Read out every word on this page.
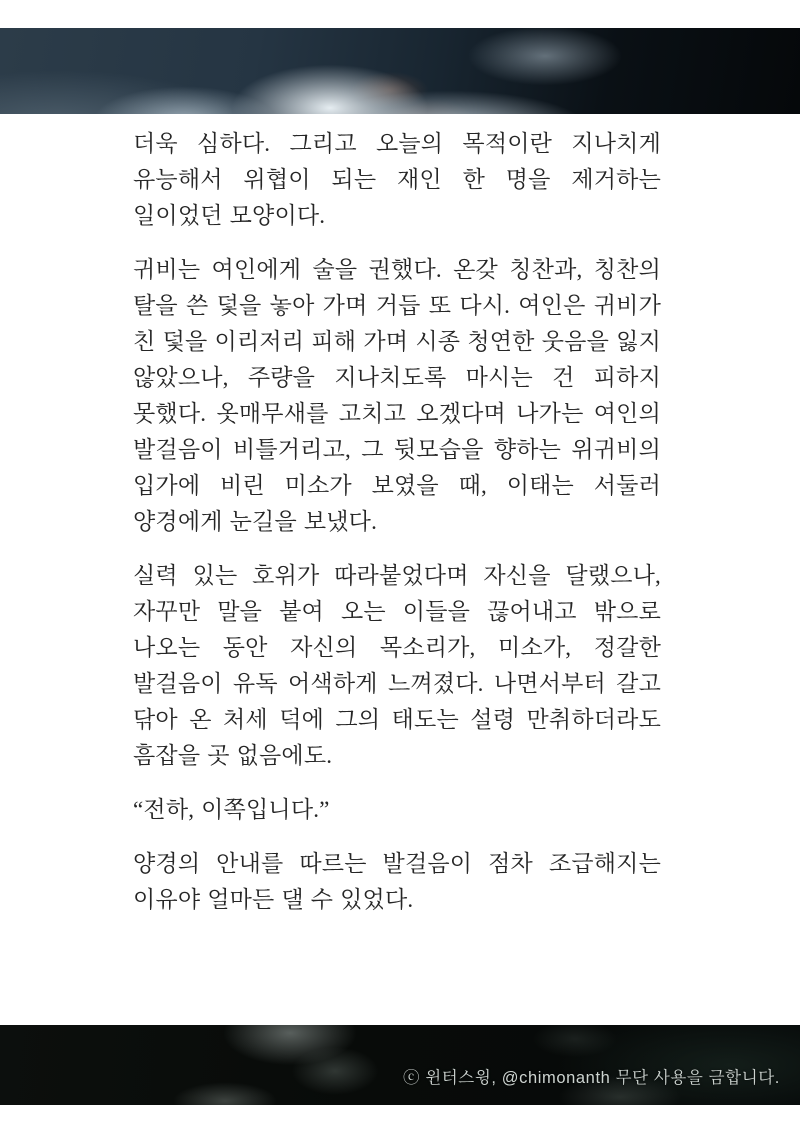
더욱 심하다. 그리고 오늘의 목적이란 지나치게 유능해서 위협이 되는 재인 한 명을 제거하는 일이었던 모양이다.

귀비는 여인에게 술을 권했다. 온갖 칭찬과, 칭찬의 탈을 쓴 덫을 놓아 가며 거듭 또 다시. 여인은 귀비가 친 덫을 이리저리 피해 가며 시종 청연한 웃음을 잃지 않았으나, 주량을 지나치도록 마시는 건 피하지 못했다. 옷매무새를 고치고 오겠다며 나가는 여인의 발걸음이 비틀거리고, 그 뒷모습을 향하는 위귀비의 입가에 비린 미소가 보였을 때, 이태는 서둘러 양경에게 눈길을 보냈다.

실력 있는 호위가 따라붙었다며 자신을 달랬으나, 자꾸만 말을 붙여 오는 이들을 끊어내고 밖으로 나오는 동안 자신의 목소리가, 미소가, 정갈한 발걸음이 유독 어색하게 느껴졌다. 나면서부터 갈고 닦아 온 처세 덕에 그의 태도는 설령 만취하더라도 흠잡을 곳 없음에도.

“전하, 이쪽입니다.”

양경의 안내를 따르는 발걸음이 점차 조급해지는 이유야 얼마든 댈 수 있었다.

ⓒ 윈터스윙, @chimonanth 무단 사용을 금합니다.
